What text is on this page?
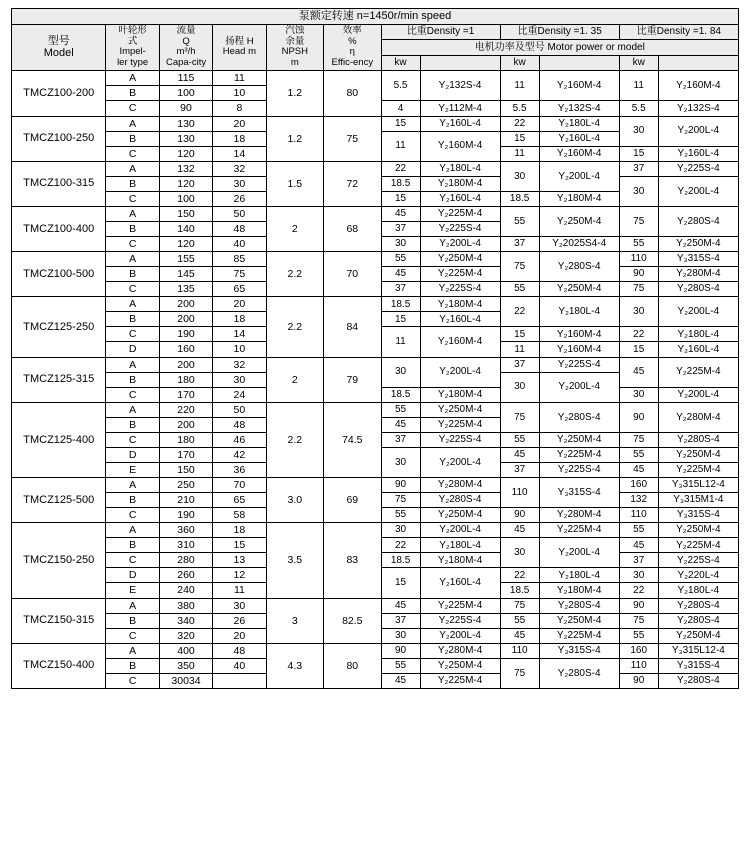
泵额定转速 n=1450r/min speed											

型号
Model

叶轮形
式
Impel-
ler type

流量
Q
m³/h
Capa-city

扬程 H
Head m

汽蚀
余量
NPSH
m

效率
%
η
Effic-ency
	比重Density =1	比重Density =1. 35	比重Density =1. 84
						电机功率及型号 Motor power or model					
						kw		kw		kw	
TMCZ100-200	A	115	11	1.2	80	5.5	Y₂132S-4	11	Y₂160M-4	11	Y₂160M-4
	B	100	10								
	C	90	8			4	Y₂112M-4	5.5	Y₂132S-4	5.5	Y₂132S-4
TMCZ100-250	A	130	20	1.2	75	15	Y₂160L-4	22	Y₂180L-4	30	Y₂200L-4
	B	130	18			11	Y₂160M-4	15	Y₂160L-4		
	C	120	14					11	Y₂160M-4	15	Y₂160L-4
TMCZ100-315	A	132	32	1.5	72	22	Y₂180L-4	30	Y₂200L-4	37	Y₂225S-4
	B	120	30			18.5	Y₂180M-4			30	Y₂200L-4
	C	100	26			15	Y₂160L-4	18.5	Y₂180M-4		
TMCZ100-400	A	150	50	2	68	45	Y₂225M-4	55	Y₂250M-4	75	Y₂280S-4
	B	140	48			37	Y₂225S-4				
	C	120	40			30	Y₂200L-4	37	Y₂2025S4-4	55	Y₂250M-4
TMCZ100-500	A	155	85	2.2	70	55	Y₂250M-4	75	Y₂280S-4	110	Y₃315S-4
	B	145	75			45	Y₂225M-4			90	Y₂280M-4
	C	135	65			37	Y₂225S-4	55	Y₂250M-4	75	Y₂280S-4
TMCZ125-250	A	200	20	2.2	84	18.5	Y₂180M-4	22	Y₂180L-4	30	Y₂200L-4
	B	200	18			15	Y₂160L-4				
	C	190	14			11	Y₂160M-4	15	Y₂160M-4	22	Y₂180L-4
	D	160	10					11	Y₂160M-4	15	Y₂160L-4
TMCZ125-315	A	200	32	2	79	30	Y₂200L-4	37	Y₂225S-4	45	Y₂225M-4
	B	180	30					30	Y₂200L-4		
	C	170	24			18.5	Y₂180M-4			30	Y₂200L-4
TMCZ125-400	A	220	50	2.2	74.5	55	Y₂250M-4	75	Y₂280S-4	90	Y₂280M-4
	B	200	48			45	Y₂225M-4				
	C	180	46			37	Y₂225S-4	55	Y₂250M-4	75	Y₂280S-4
	D	170	42			30	Y₂200L-4	45	Y₂225M-4	55	Y₂250M-4
	E	150	36					37	Y₂225S-4	45	Y₂225M-4
TMCZ125-500	A	250	70	3.0	69	90	Y₂280M-4	110	Y₃315S-4	160	Y₃315L12-4
	B	210	65			75	Y₂280S-4			132	Y₃315M1-4
	C	190	58			55	Y₂250M-4	90	Y₂280M-4	110	Y₃315S-4
TMCZ150-250	A	360	18	3.5	83	30	Y₂200L-4	45	Y₂225M-4	55	Y₂250M-4
	B	310	15			22	Y₂180L-4	30	Y₂200L-4	45	Y₂225M-4
	C	280	13			18.5	Y₂180M-4			37	Y₂225S-4
	D	260	12			15	Y₂160L-4	22	Y₂180L-4	30	Y₂220L-4
	E	240	11					18.5	Y₂180M-4	22	Y₂180L-4
TMCZ150-315	A	380	30	3	82.5	45	Y₂225M-4	75	Y₂280S-4	90	Y₂280S-4
	B	340	26			37	Y₂225S-4	55	Y₂250M-4	75	Y₂280S-4
	C	320	20			30	Y₂200L-4	45	Y₂225M-4	55	Y₂250M-4
TMCZ150-400	A	400	48	4.3	80	90	Y₂280M-4	110	Y₃315S-4	160	Y₃315L12-4
	B	350	40			55	Y₂250M-4	75	Y₂280S-4	110	Y₃315S-4
	C	30034				45	Y₂225M-4			90	Y₂280S-4
